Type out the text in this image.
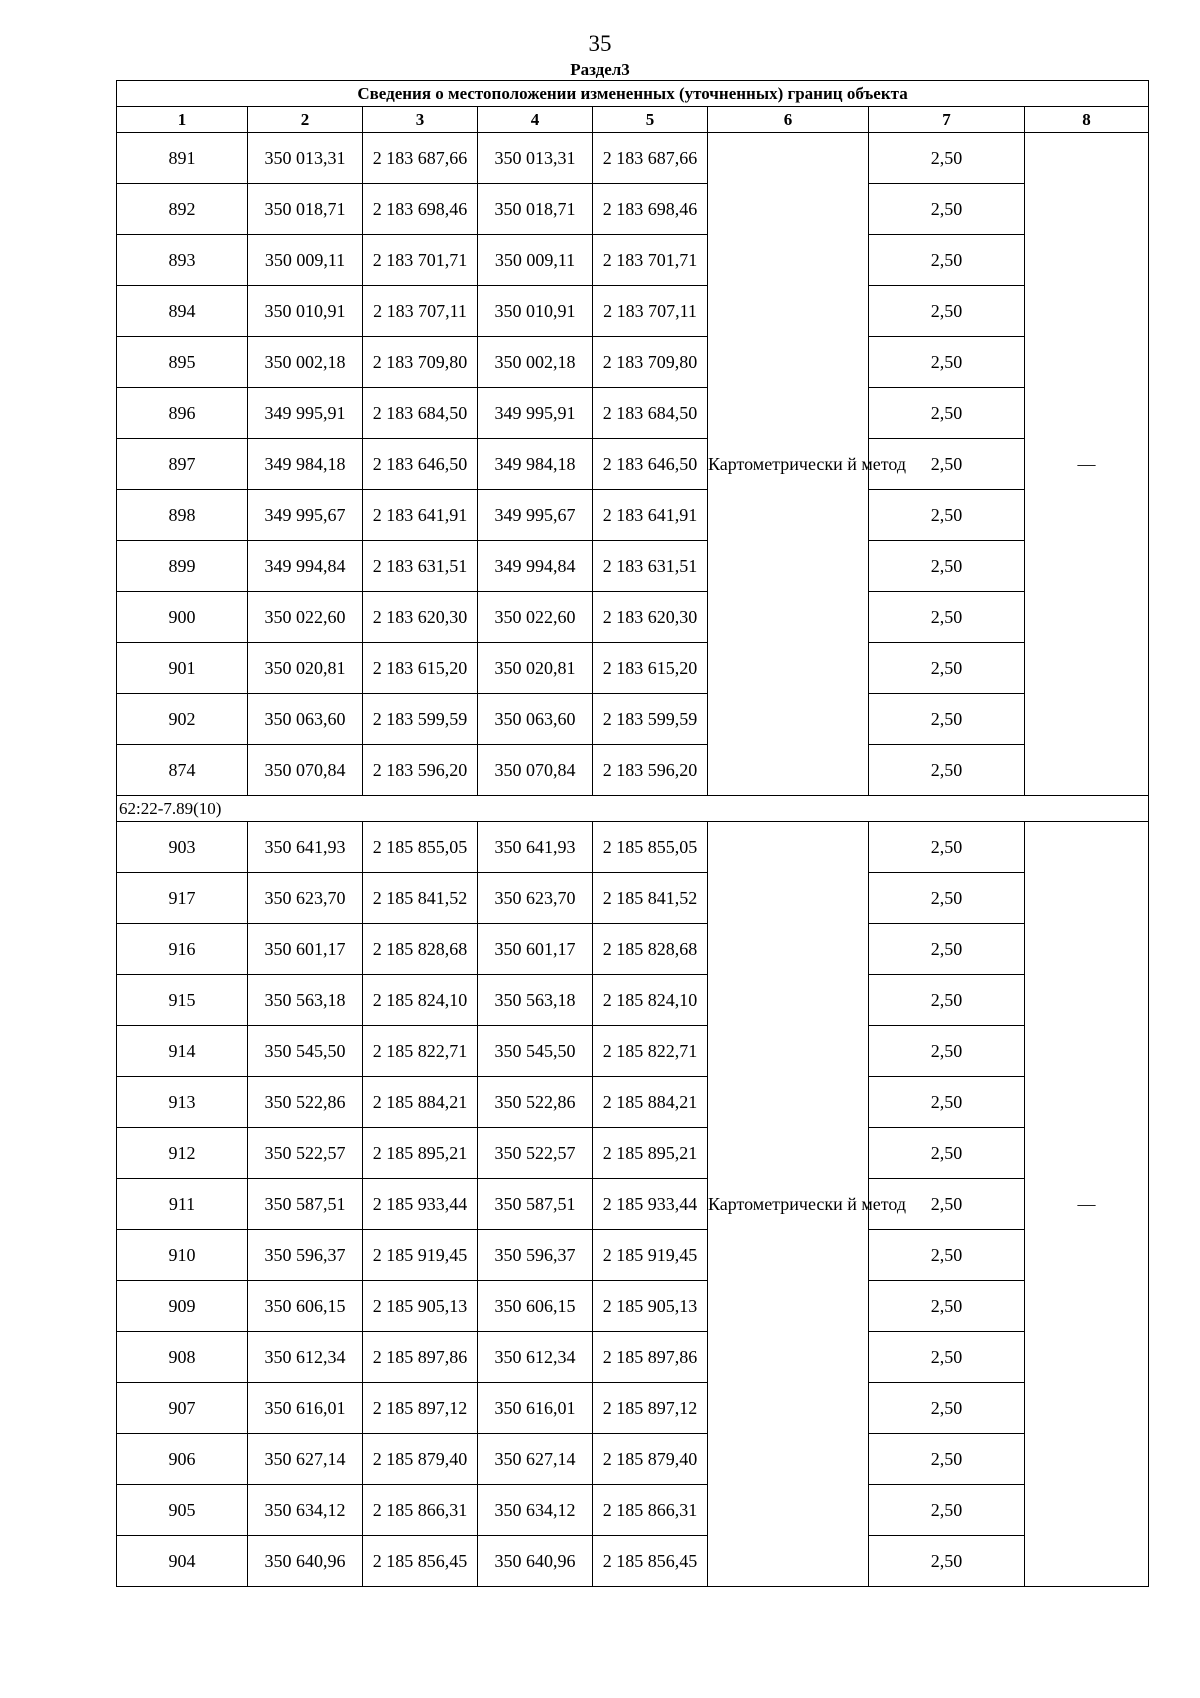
35
Раздел3
Сведения о местоположении измененных (уточненных) границ объекта							
1	2	3	4	5	6	7	8
891	350 013,31	2 183 687,66	350 013,31	2 183 687,66	Картометрически й метод	2,50	—
892	350 018,71	2 183 698,46	350 018,71	2 183 698,46		2,50	
893	350 009,11	2 183 701,71	350 009,11	2 183 701,71		2,50	
894	350 010,91	2 183 707,11	350 010,91	2 183 707,11		2,50	
895	350 002,18	2 183 709,80	350 002,18	2 183 709,80		2,50	
896	349 995,91	2 183 684,50	349 995,91	2 183 684,50		2,50	
897	349 984,18	2 183 646,50	349 984,18	2 183 646,50		2,50	
898	349 995,67	2 183 641,91	349 995,67	2 183 641,91		2,50	
899	349 994,84	2 183 631,51	349 994,84	2 183 631,51		2,50	
900	350 022,60	2 183 620,30	350 022,60	2 183 620,30		2,50	
901	350 020,81	2 183 615,20	350 020,81	2 183 615,20		2,50	
902	350 063,60	2 183 599,59	350 063,60	2 183 599,59		2,50	
874	350 070,84	2 183 596,20	350 070,84	2 183 596,20		2,50	
62:22-7.89(10)							
903	350 641,93	2 185 855,05	350 641,93	2 185 855,05	Картометрически й метод	2,50	—
917	350 623,70	2 185 841,52	350 623,70	2 185 841,52		2,50	
916	350 601,17	2 185 828,68	350 601,17	2 185 828,68		2,50	
915	350 563,18	2 185 824,10	350 563,18	2 185 824,10		2,50	
914	350 545,50	2 185 822,71	350 545,50	2 185 822,71		2,50	
913	350 522,86	2 185 884,21	350 522,86	2 185 884,21		2,50	
912	350 522,57	2 185 895,21	350 522,57	2 185 895,21		2,50	
911	350 587,51	2 185 933,44	350 587,51	2 185 933,44		2,50	
910	350 596,37	2 185 919,45	350 596,37	2 185 919,45		2,50	
909	350 606,15	2 185 905,13	350 606,15	2 185 905,13		2,50	
908	350 612,34	2 185 897,86	350 612,34	2 185 897,86		2,50	
907	350 616,01	2 185 897,12	350 616,01	2 185 897,12		2,50	
906	350 627,14	2 185 879,40	350 627,14	2 185 879,40		2,50	
905	350 634,12	2 185 866,31	350 634,12	2 185 866,31		2,50	
904	350 640,96	2 185 856,45	350 640,96	2 185 856,45		2,50	
